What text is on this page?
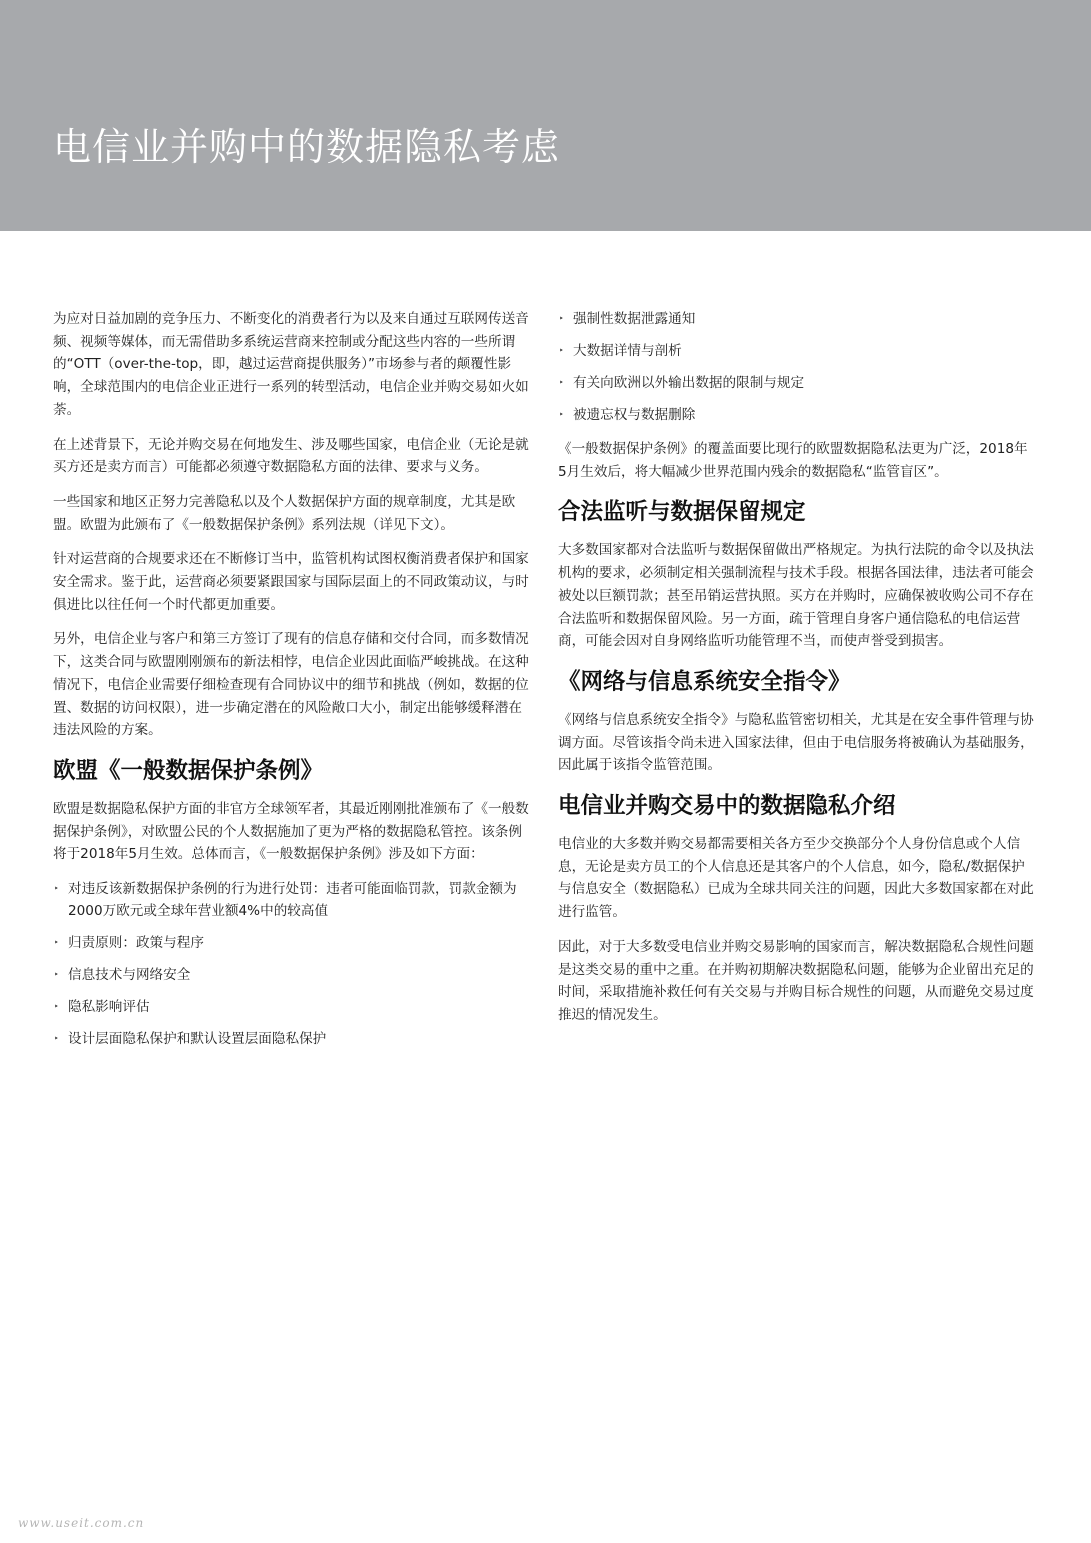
电信业并购中的数据隐私考虑

为应对日益加剧的竞争压力、不断变化的消费者行为以及来自通过互联网传送音频、视频等媒体，而无需借助多系统运营商来控制或分配这些内容的一些所谓的“OTT（over-the-top，即，越过运营商提供服务）”市场参与者的颠覆性影响，全球范围内的电信企业正进行一系列的转型活动，电信企业并购交易如火如荼。

在上述背景下，无论并购交易在何地发生、涉及哪些国家，电信企业（无论是就买方还是卖方而言）可能都必须遵守数据隐私方面的法律、要求与义务。

一些国家和地区正努力完善隐私以及个人数据保护方面的规章制度，尤其是欧盟。欧盟为此颁布了《一般数据保护条例》系列法规（详见下文）。

针对运营商的合规要求还在不断修订当中，监管机构试图权衡消费者保护和国家安全需求。鉴于此，运营商必须要紧跟国家与国际层面上的不同政策动议，与时俱进比以往任何一个时代都更加重要。

另外，电信企业与客户和第三方签订了现有的信息存储和交付合同，而多数情况下，这类合同与欧盟刚刚颁布的新法相悖，电信企业因此面临严峻挑战。在这种情况下，电信企业需要仔细检查现有合同协议中的细节和挑战（例如，数据的位置、数据的访问权限），进一步确定潜在的风险敞口大小，制定出能够缓释潜在违法风险的方案。

欧盟《一般数据保护条例》

欧盟是数据隐私保护方面的非官方全球领军者，其最近刚刚批准颁布了《一般数据保护条例》，对欧盟公民的个人数据施加了更为严格的数据隐私管控。该条例将于2018年5月生效。总体而言，《一般数据保护条例》涉及如下方面：

‣ 对违反该新数据保护条例的行为进行处罚：违者可能面临罚款，罚款金额为2000万欧元或全球年营业额4%中的较高值
‣ 归责原则：政策与程序
‣ 信息技术与网络安全
‣ 隐私影响评估
‣ 设计层面隐私保护和默认设置层面隐私保护
‣ 强制性数据泄露通知
‣ 大数据详情与剖析
‣ 有关向欧洲以外输出数据的限制与规定
‣ 被遗忘权与数据删除

《一般数据保护条例》的覆盖面要比现行的欧盟数据隐私法更为广泛，2018年5月生效后，将大幅减少世界范围内残余的数据隐私“监管盲区”。

合法监听与数据保留规定

大多数国家都对合法监听与数据保留做出严格规定。为执行法院的命令以及执法机构的要求，必须制定相关强制流程与技术手段。根据各国法律，违法者可能会被处以巨额罚款；甚至吊销运营执照。买方在并购时，应确保被收购公司不存在合法监听和数据保留风险。另一方面，疏于管理自身客户通信隐私的电信运营商，可能会因对自身网络监听功能管理不当，而使声誉受到损害。

《网络与信息系统安全指令》

《网络与信息系统安全指令》与隐私监管密切相关，尤其是在安全事件管理与协调方面。尽管该指令尚未进入国家法律，但由于电信服务将被确认为基础服务，因此属于该指令监管范围。

电信业并购交易中的数据隐私介绍

电信业的大多数并购交易都需要相关各方至少交换部分个人身份信息或个人信息，无论是卖方员工的个人信息还是其客户的个人信息，如今，隐私/数据保护与信息安全（数据隐私）已成为全球共同关注的问题，因此大多数国家都在对此进行监管。

因此，对于大多数受电信业并购交易影响的国家而言，解决数据隐私合规性问题是这类交易的重中之重。在并购初期解决数据隐私问题，能够为企业留出充足的时间，采取措施补救任何有关交易与并购目标合规性的问题，从而避免交易过度推迟的情况发生。

www.useit.com.cn
